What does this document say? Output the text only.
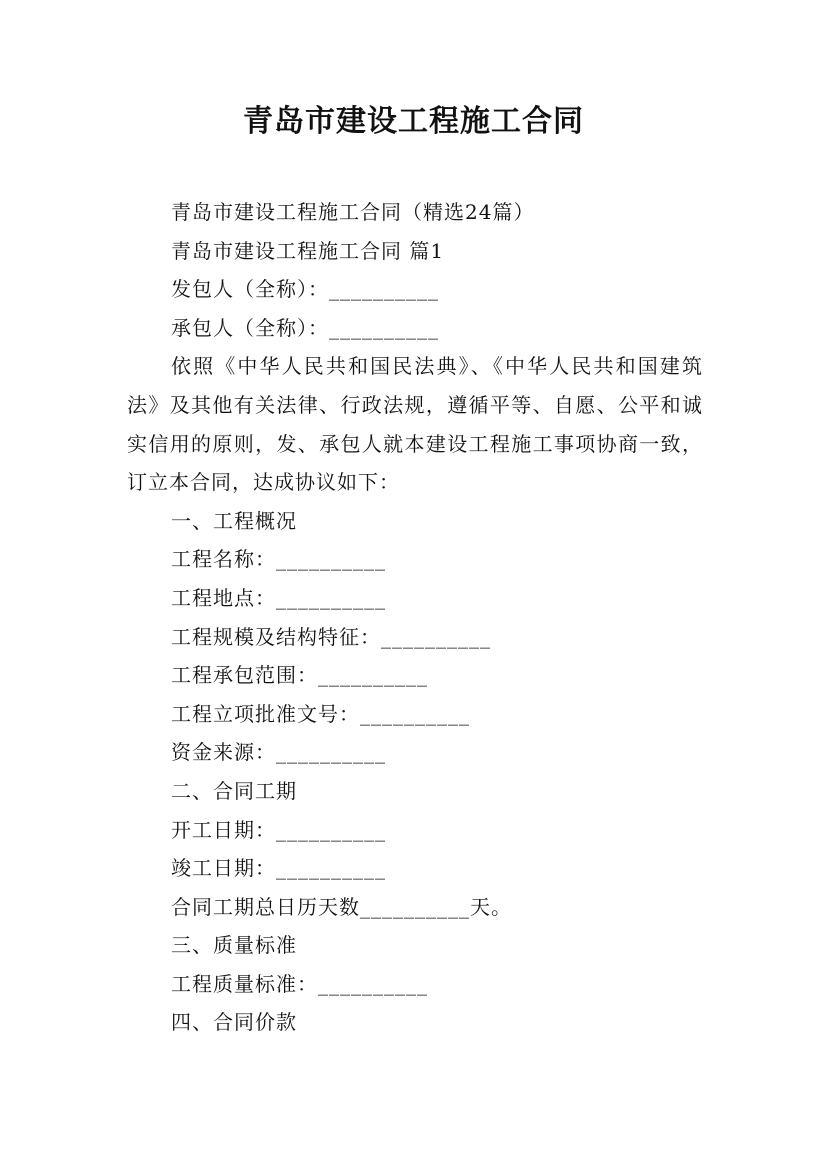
青岛市建设工程施工合同

青岛市建设工程施工合同（精选24篇）

青岛市建设工程施工合同 篇1

发包人（全称）：__________

承包人（全称）：__________

依照《中华人民共和国民法典》、《中华人民共和国建筑法》及其他有关法律、行政法规，遵循平等、自愿、公平和诚实信用的原则，发、承包人就本建设工程施工事项协商一致，订立本合同，达成协议如下：

一、工程概况

工程名称：__________

工程地点：__________

工程规模及结构特征：__________

工程承包范围：__________

工程立项批准文号：__________

资金来源：__________

二、合同工期

开工日期：__________

竣工日期：__________

合同工期总日历天数__________天。

三、质量标准

工程质量标准：__________

四、合同价款
